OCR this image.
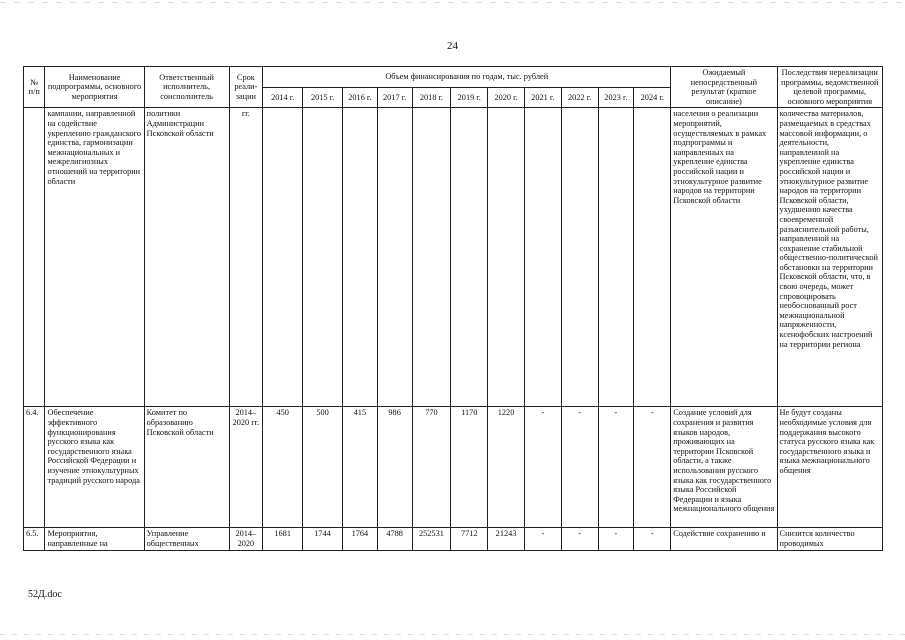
24
№ п/п	Наименование подпрограммы, основного мероприятия	Ответственный исполнитель, соисполнитель	Срок реали-зации	Объем финансирования по годам, тыс. рублей											Ожидаемый непосредственный результат (краткое описание)	Последствия нереализации программы, ведомственной целевой программы, основного мероприятия
				2014 г.	2015 г.	2016 г.	2017 г.	2018 г.	2019 г.	2020 г.	2021 г.	2022 г.	2023 г.	2024 г.		
	кампании, направленной на содействие укреплению гражданского единства, гармонизации межнациональных и межрелигиозных отношений на территории области	политики Администрации Псковской области	гг.												населения о реализации мероприятий, осуществляемых в рамках подпрограммы и направленных на укрепление единства российской нации и этнокультурное развитие народов на территории Псковской области	количества материалов, размещаемых в средствах массовой информации, о деятельности, направленной на укрепление единства российской нации и этнокультурное развитие народов на территории Псковской области, ухудшению качества своевременной разъяснительной работы, направленной на сохранение стабильной общественно-политической обстановки на территории Псковской области, что, в свою очередь, может спровоцировать необоснованный рост межнациональной напряженности, ксенофобских настроений на территории региона
6.4.	Обеспечение эффективного функционирования русского языка как государственного языка Российской Федерации и изучение этнокультурных традиций русского народа	Комитет по образованию Псковской области	2014–2020 гг.	450	500	415	986	770	1170	1220	-	-	-	-	Создание условий для сохранения и развития языков народов, проживающих на территории Псковской области, а также использования русского языка как государственного языка Российской Федерации и языка межнационального общения	Не будут созданы необходимые условия для поддержания высокого статуса русского языка как государственного языка и языка межнационального общения
6.5.	Мероприятия, направленные на	Управление общественных	2014–2020	1681	1744	1764	4788	252531	7712	21243	-	-	-	-	Содействие сохранению и	Снизится количество проводимых
52Д.doc
